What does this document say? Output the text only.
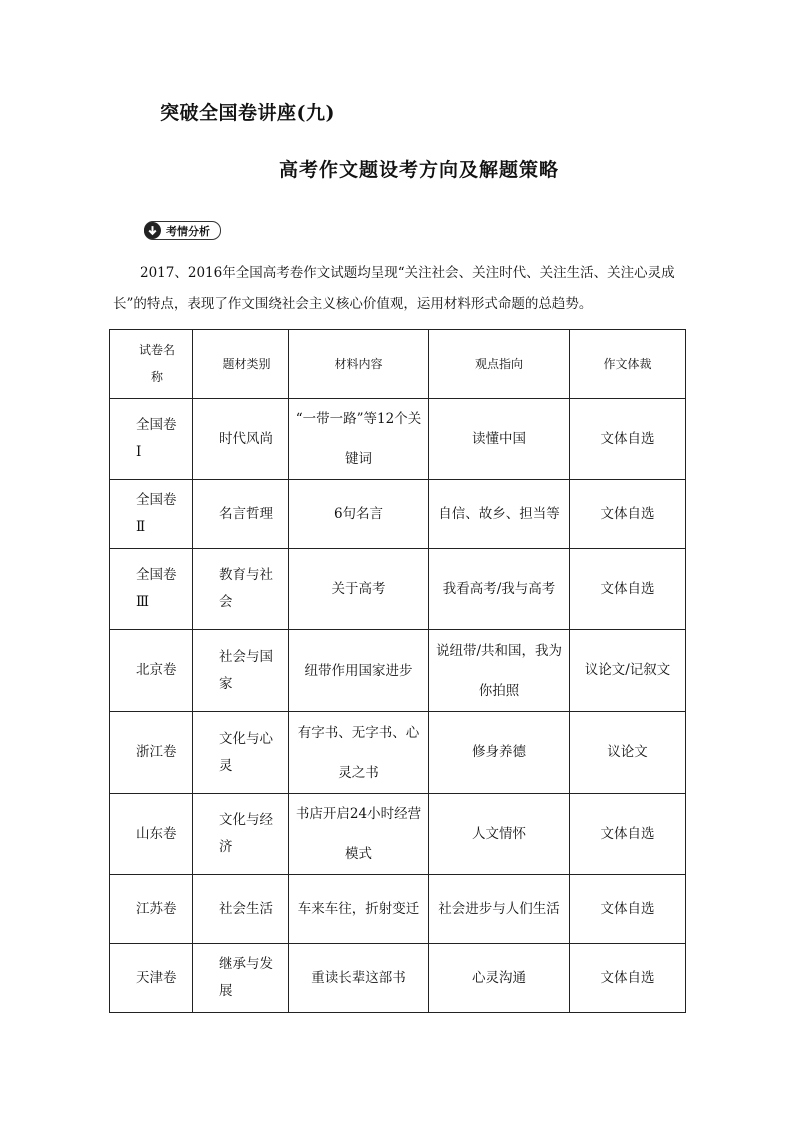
突破全国卷讲座(九)
高考作文题设考方向及解题策略
考情分析
2017、2016年全国高考卷作文试题均呈现“关注社会、关注时代、关注生活、关注心灵成长”的特点，表现了作文围绕社会主义核心价值观，运用材料形式命题的总趋势。
试卷名称	题材类别	材料内容	观点指向	作文体裁

全国卷Ⅰ	时代风尚	“一带一路”等12个关键词	读懂中国	文体自选

全国卷Ⅱ	名言哲理	6句名言	自信、故乡、担当等	文体自选

全国卷Ⅲ	教育与社会	关于高考	我看高考/我与高考	文体自选

北京卷	社会与国家	纽带作用国家进步	说纽带/共和国，我为你拍照	议论文/记叙文

浙江卷	文化与心灵	有字书、无字书、心灵之书	修身养德	议论文

山东卷	文化与经济	书店开启24小时经营模式	人文情怀	文体自选

江苏卷	社会生活	车来车往，折射变迁	社会进步与人们生活	文体自选

天津卷	继承与发展	重读长辈这部书	心灵沟通	文体自选
